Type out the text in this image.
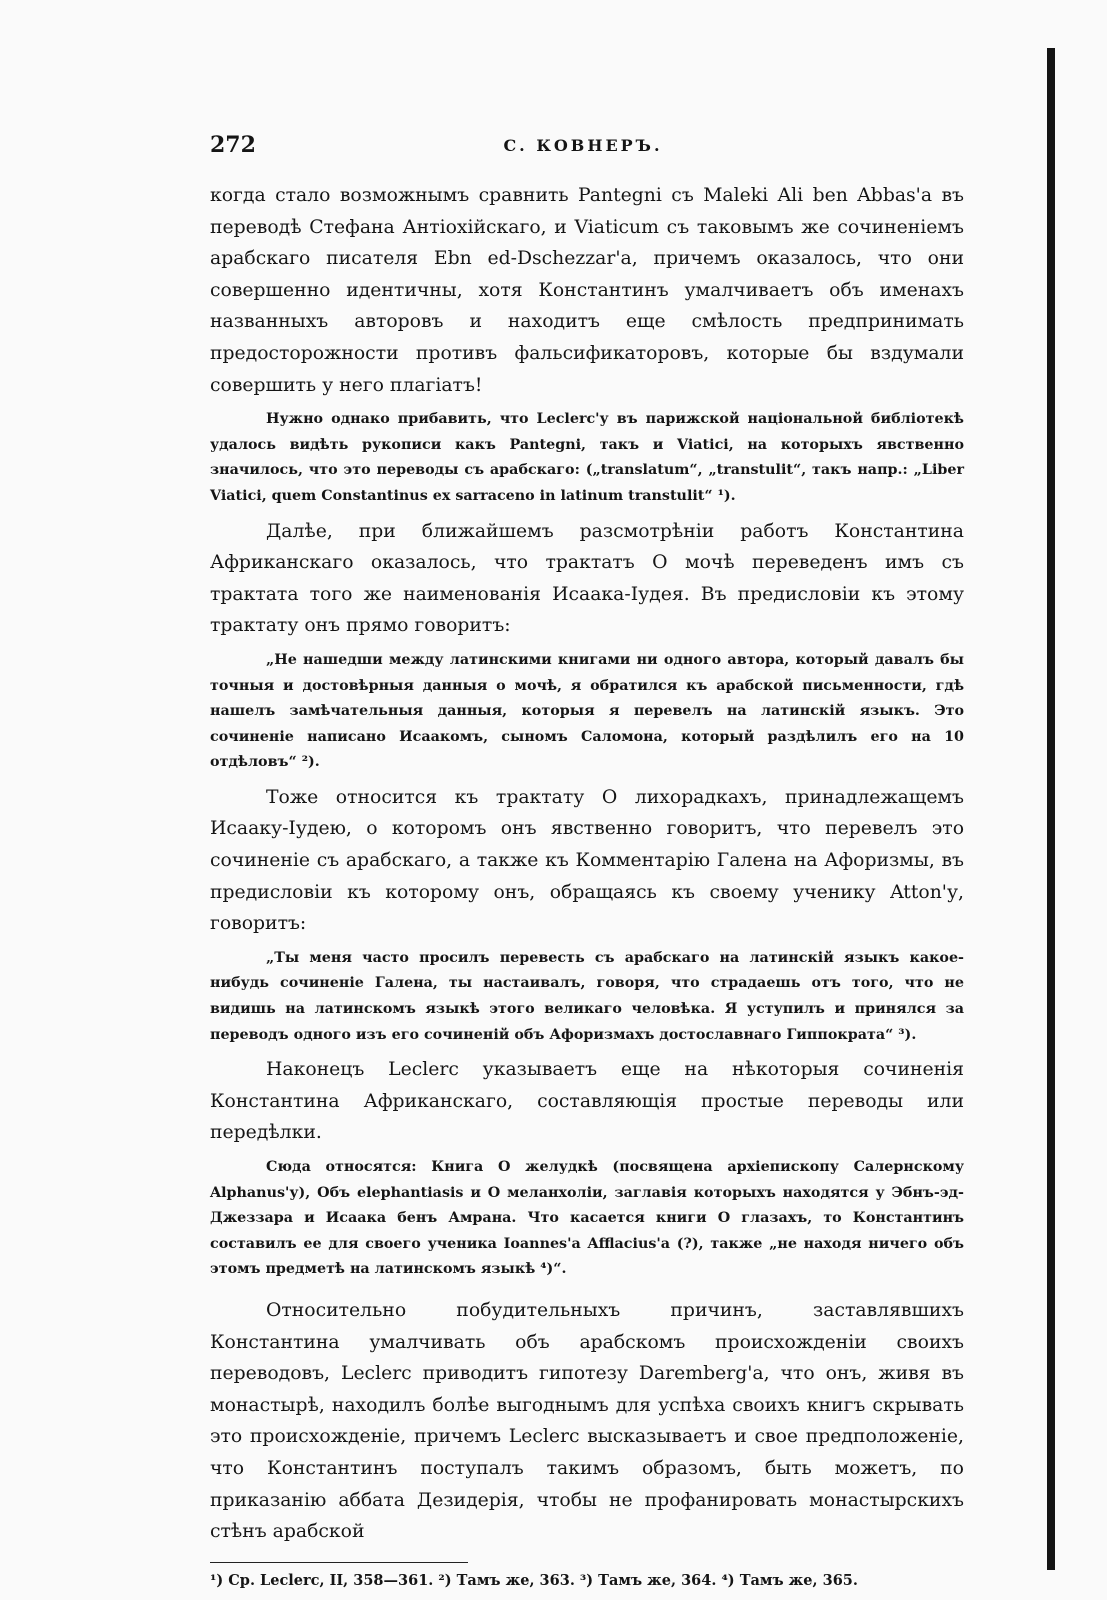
272	С. КОВНЕРЪ.

когда стало возможнымъ сравнить Pantegni съ Maleki Ali ben Abbas'a въ переводѣ Стефана Антіохійскаго, и Viaticum съ таковымъ же сочиненіемъ арабскаго писателя Ebn ed-Dschezzar'a, причемъ оказалось, что они совершенно идентичны, хотя Константинъ умалчиваетъ объ именахъ названныхъ авторовъ и находитъ еще смѣлость предпринимать предосторожности противъ фальсификаторовъ, которые бы вздумали совершить у него плагіатъ!

Нужно однако прибавить, что Leclerc'у въ парижской національной библіотекѣ удалось видѣть рукописи какъ Pantegni, такъ и Viatici, на которыхъ явственно значилось, что это переводы съ арабскаго: („translatum“, „transtulit“, такъ напр.: „Liber Viatici, quem Constantinus ex sarraceno in latinum transtulit“ ¹).

Далѣе, при ближайшемъ разсмотрѣніи работъ Константина Африканскаго оказалось, что трактатъ О мочѣ переведенъ имъ съ трактата того же наименованія Исаака-Іудея. Въ предисловіи къ этому трактату онъ прямо говоритъ:

„Не нашедши между латинскими книгами ни одного автора, который давалъ бы точныя и достовѣрныя данныя о мочѣ, я обратился къ арабской письменности, гдѣ нашелъ замѣчательныя данныя, которыя я перевелъ на латинскій языкъ. Это сочиненіе написано Исаакомъ, сыномъ Саломона, который раздѣлилъ его на 10 отдѣловъ“ ²).

Тоже относится къ трактату О лихорадкахъ, принадлежащемъ Исааку-Іудею, о которомъ онъ явственно говоритъ, что перевелъ это сочиненіе съ арабскаго, а также къ Комментарію Галена на Афоризмы, въ предисловіи къ которому онъ, обращаясь къ своему ученику Atton'у, говоритъ:

„Ты меня часто просилъ перевесть съ арабскаго на латинскій языкъ какое-нибудь сочиненіе Галена, ты настаивалъ, говоря, что страдаешь отъ того, что не видишь на латинскомъ языкѣ этого великаго человѣка. Я уступилъ и принялся за переводъ одного изъ его сочиненій объ Афоризмахъ достославнаго Гиппократа“ ³).

Наконецъ Leclerc указываетъ еще на нѣкоторыя сочиненія Константина Африканскаго, составляющія простые переводы или передѣлки.

Сюда относятся: Книга О желудкѣ (посвящена архіепископу Салернскому Alphanus'у), Объ elephantiasis и О меланхоліи, заглавія которыхъ находятся у Эбнъ-эд-Джеззара и Исаака бенъ Амрана. Что касается книги О глазахъ, то Константинъ составилъ ее для своего ученика Ioannes'a Afflacius'a (?), также „не находя ничего объ этомъ предметѣ на латинскомъ языкѣ ⁴)“.

Относительно побудительныхъ причинъ, заставлявшихъ Константина умалчивать объ арабскомъ происхожденіи своихъ переводовъ, Leclerc приводитъ гипотезу Daremberg'a, что онъ, живя въ монастырѣ, находилъ болѣе выгоднымъ для успѣха своихъ книгъ скрывать это происхожденіе, причемъ Leclerc высказываетъ и свое предположеніе, что Константинъ поступалъ такимъ образомъ, быть можетъ, по приказанію аббата Дезидерія, чтобы не профанировать монастырскихъ стѣнъ арабской

¹) Ср. Leclerc, II, 358—361. ²) Тамъ же, 363. ³) Тамъ же, 364. ⁴) Тамъ же, 365.
